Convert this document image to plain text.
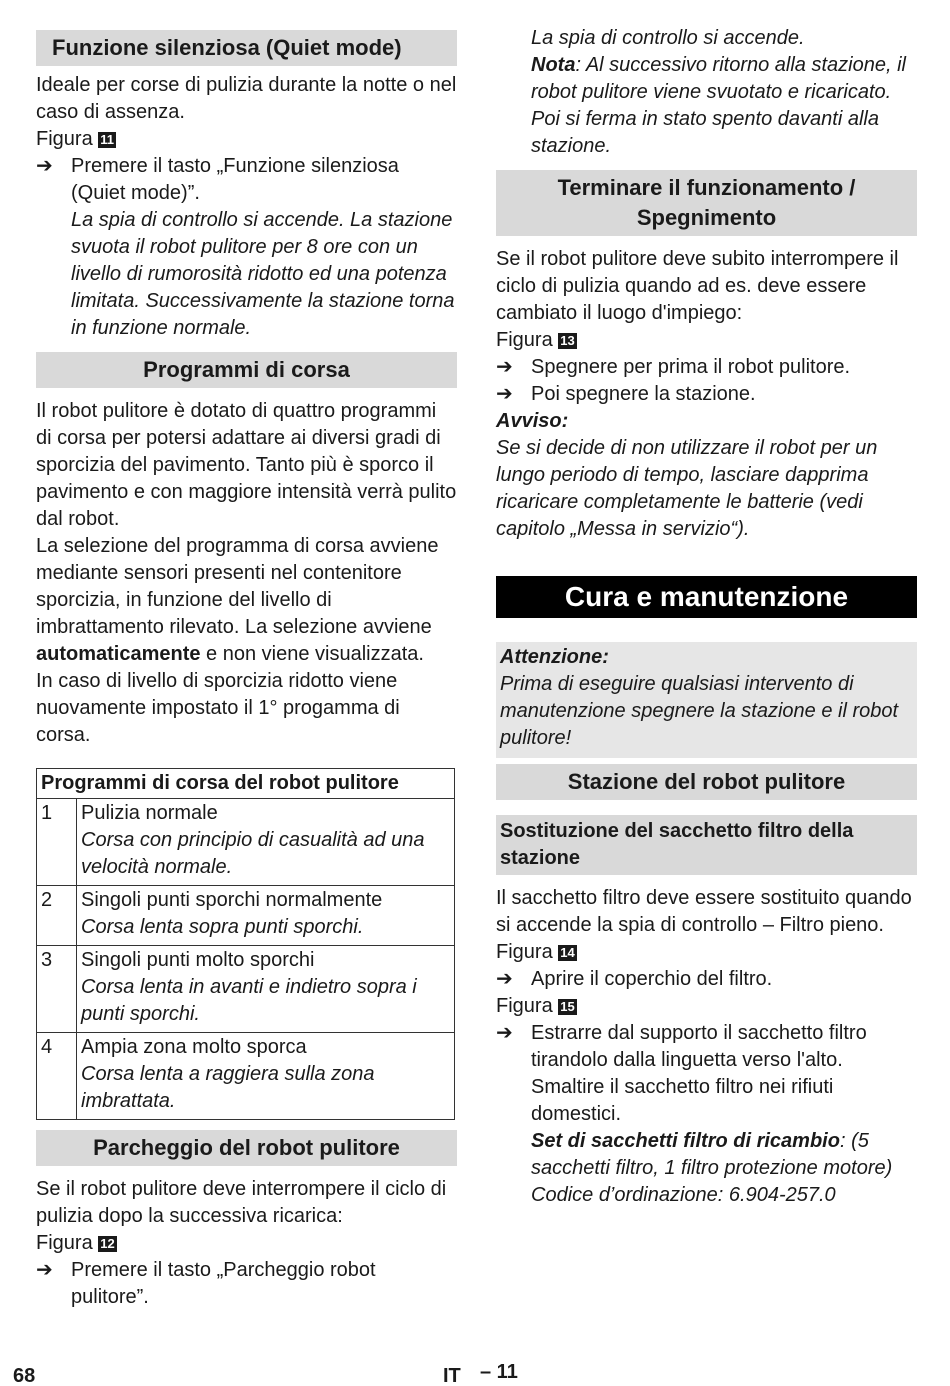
Funzione silenziosa (Quiet mode)

Ideale per corse di pulizia durante la notte o nel caso di assenza.

Figura 11

➔ Premere il tasto „Funzione silenziosa (Quiet mode)”.

La spia di controllo si accende. La stazione svuota il robot pulitore per 8 ore con un livello di rumorosità ridotto ed una potenza limitata. Successivamente la stazione torna in funzione normale.

Programmi di corsa

Il robot pulitore è dotato di quattro programmi di corsa per potersi adattare ai diversi gradi di sporcizia del pavimento. Tanto più è sporco il pavimento e con maggiore intensità verrà pulito dal robot.

La selezione del programma di corsa avviene mediante sensori presenti nel contenitore sporcizia, in funzione del livello di imbrattamento rilevato. La selezione avviene automaticamente e non viene visualizzata.

In caso di livello di sporcizia ridotto viene nuovamente impostato il 1° progamma di corsa.

Programmi di corsa del robot pulitore	
1	Pulizia normale
Corsa con principio di casualità ad una velocità normale.

2	Singoli punti sporchi normalmente
Corsa lenta sopra punti sporchi.

3	Singoli punti molto sporchi
Corsa lenta in avanti e indietro sopra i punti sporchi.

4	Ampia zona molto sporca
Corsa lenta a raggiera sulla zona imbrattata.
Parcheggio del robot pulitore

Se il robot pulitore deve interrompere il ciclo di pulizia dopo la successiva ricarica:

Figura 12

➔ Premere il tasto „Parcheggio robot pulitore”.

La spia di controllo si accende.

Nota: Al successivo ritorno alla stazione, il robot pulitore viene svuotato e ricaricato. Poi si ferma in stato spento davanti alla stazione.

Terminare il funzionamento / Spegnimento

Se il robot pulitore deve subito interrompere il ciclo di pulizia quando ad es. deve essere cambiato il luogo d'impiego:

Figura 13

➔ Spegnere per prima il robot pulitore.
➔ Poi spegnere la stazione.

Avviso:

Se si decide di non utilizzare il robot per un lungo periodo di tempo, lasciare dapprima ricaricare completamente le batterie (vedi capitolo „Messa in servizio“).

Cura e manutenzione

Attenzione:

Prima di eseguire qualsiasi intervento di manutenzione spegnere la stazione e il robot pulitore!

Stazione del robot pulitore
Sostituzione del sacchetto filtro della stazione

Il sacchetto filtro deve essere sostituito quando si accende la spia di controllo – Filtro pieno.

Figura 14

➔ Aprire il coperchio del filtro.

Figura 15

➔ Estrarre dal supporto il sacchetto filtro tirandolo dalla linguetta verso l'alto. Smaltire il sacchetto filtro nei rifiuti domestici.

Set di sacchetti filtro di ricambio: (5 sacchetti filtro, 1 filtro protezione motore)

Codice d’ordinazione: 6.904-257.0

68	IT – 11
